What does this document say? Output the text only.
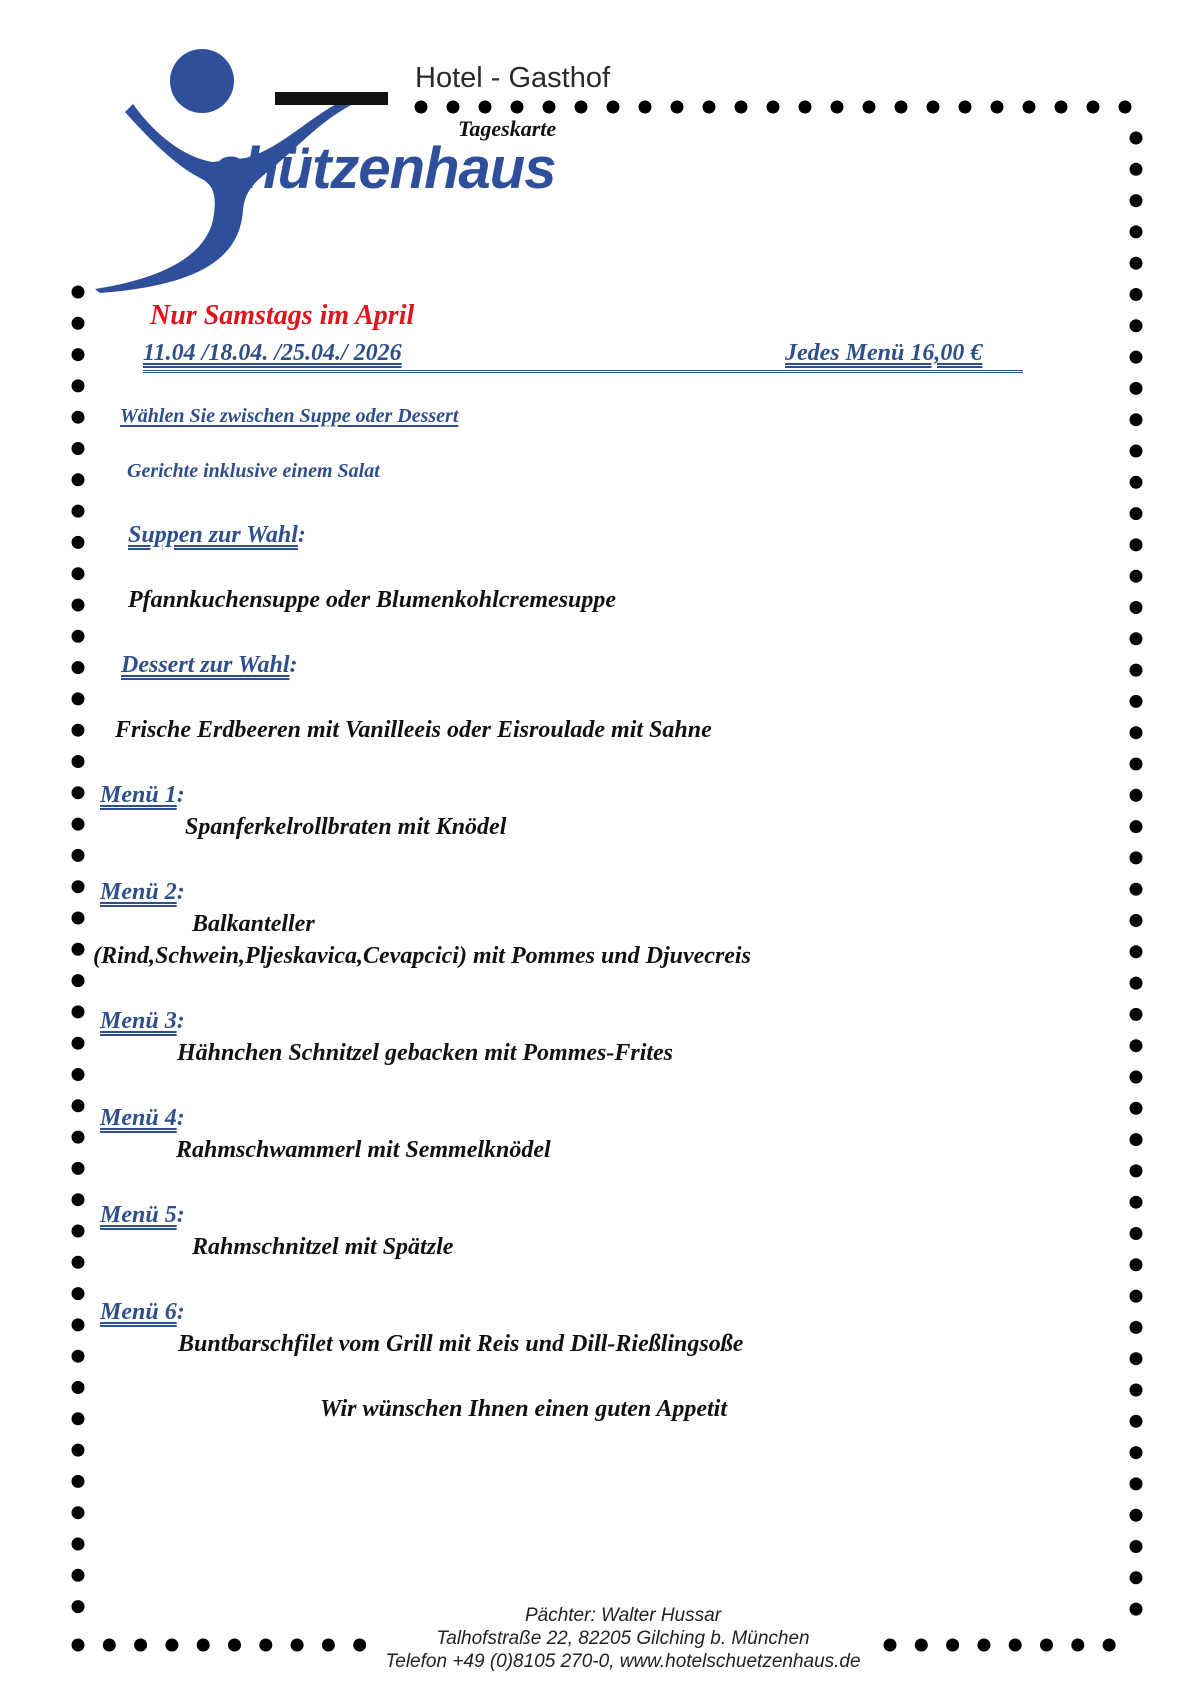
Hotel - Gasthof
Tageskarte
chützenhaus
Nur Samstags im April
11.04 /18.04. /25.04./ 2026	Jedes Menü 16,00 €
Wählen Sie zwischen Suppe oder Dessert
Gerichte inklusive einem Salat
Suppen zur Wahl:
Pfannkuchensuppe oder Blumenkohlcremesuppe
Dessert zur Wahl:
Frische Erdbeeren mit Vanilleeis oder Eisroulade mit Sahne
Menü 1:
Spanferkelrollbraten mit Knödel
Menü 2:
Balkanteller
(Rind,Schwein,Pljeskavica,Cevapcici) mit Pommes und Djuvecreis
Menü 3:
Hähnchen Schnitzel gebacken mit Pommes-Frites
Menü 4:
Rahmschwammerl mit Semmelknödel
Menü 5:
Rahmschnitzel mit Spätzle
Menü 6:
Buntbarschfilet vom Grill mit Reis und Dill-Rießlingsoße
Wir wünschen Ihnen einen guten Appetit
Pächter: Walter Hussar
Talhofstraße 22, 82205 Gilching b. München
Telefon +49 (0)8105 270-0, www.hotelschuetzenhaus.de
